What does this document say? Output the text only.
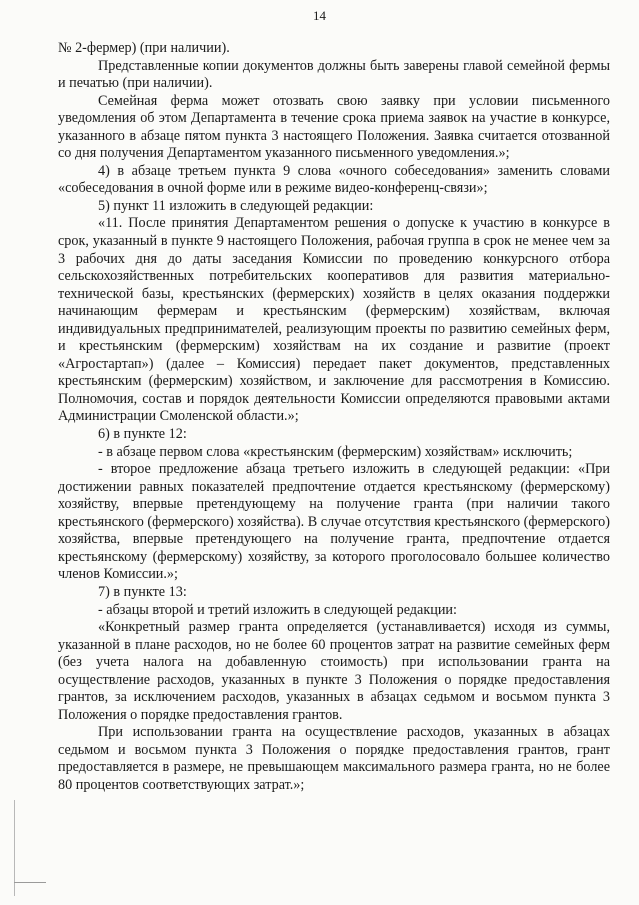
14

№ 2-фермер) (при наличии).

Представленные копии документов должны быть заверены главой семейной фермы и печатью (при наличии).

Семейная ферма может отозвать свою заявку при условии письменного уведомления об этом Департамента в течение срока приема заявок на участие в конкурсе, указанного в абзаце пятом пункта 3 настоящего Положения. Заявка считается отозванной со дня получения Департаментом указанного письменного уведомления.»;

4) в абзаце третьем пункта 9 слова «очного собеседования» заменить словами «собеседования в очной форме или в режиме видео-конференц-связи»;

5) пункт 11 изложить в следующей редакции:

«11. После принятия Департаментом решения о допуске к участию в конкурсе в срок, указанный в пункте 9 настоящего Положения, рабочая группа в срок не менее чем за 3 рабочих дня до даты заседания Комиссии по проведению конкурсного отбора сельскохозяйственных потребительских кооперативов для развития материально-технической базы, крестьянских (фермерских) хозяйств в целях оказания поддержки начинающим фермерам и крестьянским (фермерским) хозяйствам, включая индивидуальных предпринимателей, реализующим проекты по развитию семейных ферм, и крестьянским (фермерским) хозяйствам на их создание и развитие (проект «Агростартап») (далее – Комиссия) передает пакет документов, представленных крестьянским (фермерским) хозяйством, и заключение для рассмотрения в Комиссию. Полномочия, состав и порядок деятельности Комиссии определяются правовыми актами Администрации Смоленской области.»;

6) в пункте 12:

- в абзаце первом слова «крестьянским (фермерским) хозяйствам» исключить;

- второе предложение абзаца третьего изложить в следующей редакции: «При достижении равных показателей предпочтение отдается крестьянскому (фермерскому) хозяйству, впервые претендующему на получение гранта (при наличии такого крестьянского (фермерского) хозяйства). В случае отсутствия крестьянского (фермерского) хозяйства, впервые претендующего на получение гранта, предпочтение отдается крестьянскому (фермерскому) хозяйству, за которого проголосовало большее количество членов Комиссии.»;

7) в пункте 13:

- абзацы второй и третий изложить в следующей редакции:

«Конкретный размер гранта определяется (устанавливается) исходя из суммы, указанной в плане расходов, но не более 60 процентов затрат на развитие семейных ферм (без учета налога на добавленную стоимость) при использовании гранта на осуществление расходов, указанных в пункте 3 Положения о порядке предоставления грантов, за исключением расходов, указанных в абзацах седьмом и восьмом пункта 3 Положения о порядке предоставления грантов.

При использовании гранта на осуществление расходов, указанных в абзацах седьмом и восьмом пункта 3 Положения о порядке предоставления грантов, грант предоставляется в размере, не превышающем максимального размера гранта, но не более 80 процентов соответствующих затрат.»;
